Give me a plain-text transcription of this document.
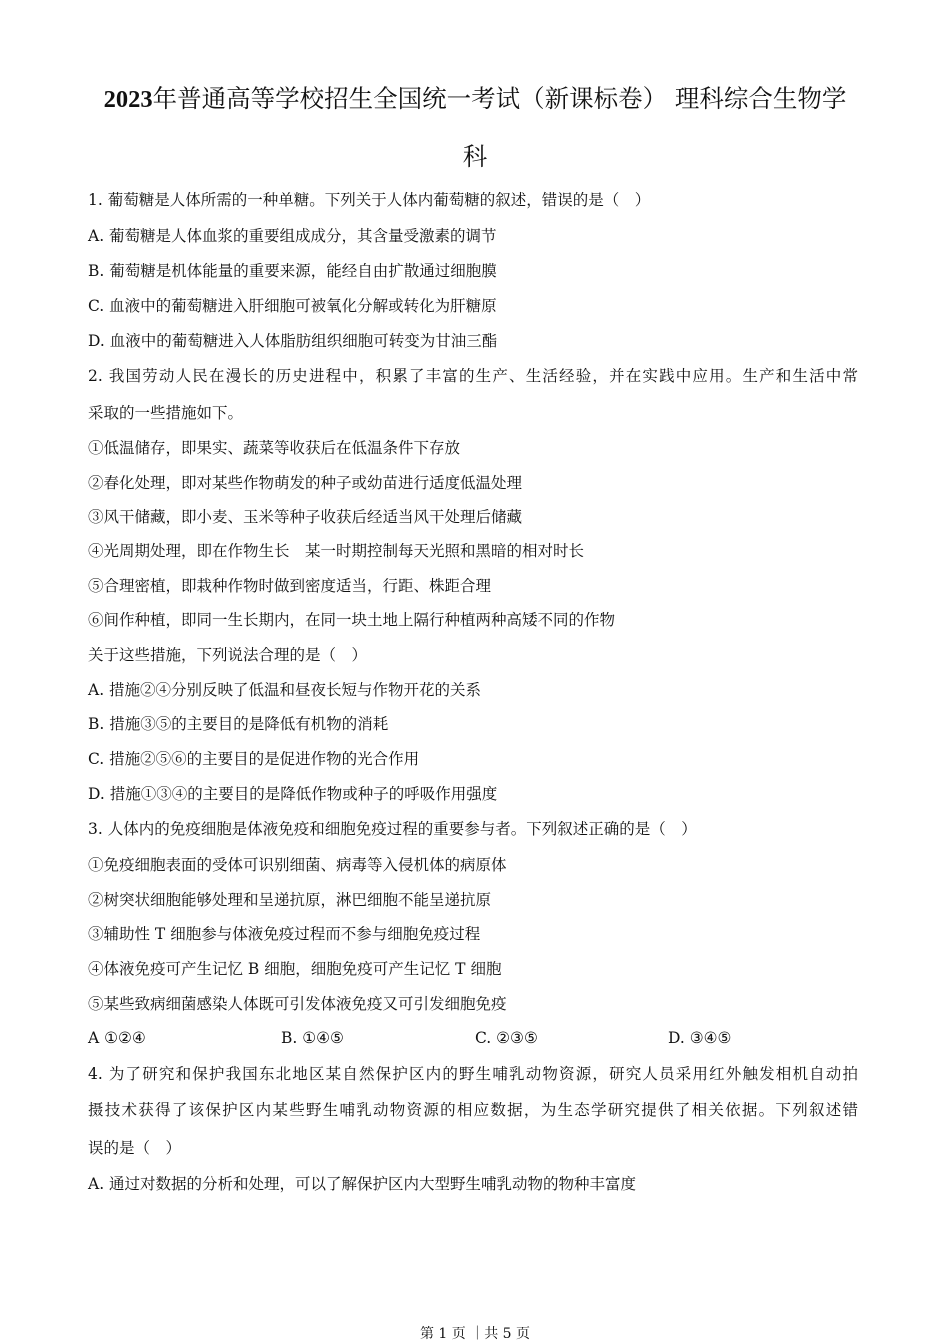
2023年普通高等学校招生全国统一考试（新课标卷） 理科综合生物学
科
1. 葡萄糖是人体所需的一种单糖。下列关于人体内葡萄糖的叙述，错误的是（　）
A. 葡萄糖是人体血浆的重要组成成分，其含量受激素的调节
B. 葡萄糖是机体能量的重要来源，能经自由扩散通过细胞膜
C. 血液中的葡萄糖进入肝细胞可被氧化分解或转化为肝糖原
D. 血液中的葡萄糖进入人体脂肪组织细胞可转变为甘油三酯
2. 我国劳动人民在漫长的历史进程中，积累了丰富的生产、生活经验，并在实践中应用。生产和生活中常
采取的一些措施如下。
①低温储存，即果实、蔬菜等收获后在低温条件下存放
②春化处理，即对某些作物萌发的种子或幼苗进行适度低温处理
③风干储藏，即小麦、玉米等种子收获后经适当风干处理后储藏
④光周期处理，即在作物生长　某一时期控制每天光照和黑暗的相对时长
⑤合理密植，即栽种作物时做到密度适当，行距、株距合理
⑥间作种植，即同一生长期内，在同一块土地上隔行种植两种高矮不同的作物
关于这些措施，下列说法合理的是（　）
A. 措施②④分别反映了低温和昼夜长短与作物开花的关系
B. 措施③⑤的主要目的是降低有机物的消耗
C. 措施②⑤⑥的主要目的是促进作物的光合作用
D. 措施①③④的主要目的是降低作物或种子的呼吸作用强度
3. 人体内的免疫细胞是体液免疫和细胞免疫过程的重要参与者。下列叙述正确的是（　）
①免疫细胞表面的受体可识别细菌、病毒等入侵机体的病原体
②树突状细胞能够处理和呈递抗原，淋巴细胞不能呈递抗原
③辅助性 T 细胞参与体液免疫过程而不参与细胞免疫过程
④体液免疫可产生记忆 B 细胞，细胞免疫可产生记忆 T 细胞
⑤某些致病细菌感染人体既可引发体液免疫又可引发细胞免疫
A ①②④	B. ①④⑤	C. ②③⑤	D. ③④⑤
4. 为了研究和保护我国东北地区某自然保护区内的野生哺乳动物资源，研究人员采用红外触发相机自动拍
摄技术获得了该保护区内某些野生哺乳动物资源的相应数据，为生态学研究提供了相关依据。下列叙述错
误的是（　）
A. 通过对数据的分析和处理，可以了解保护区内大型野生哺乳动物的物种丰富度
第 1 页 ｜共 5 页
